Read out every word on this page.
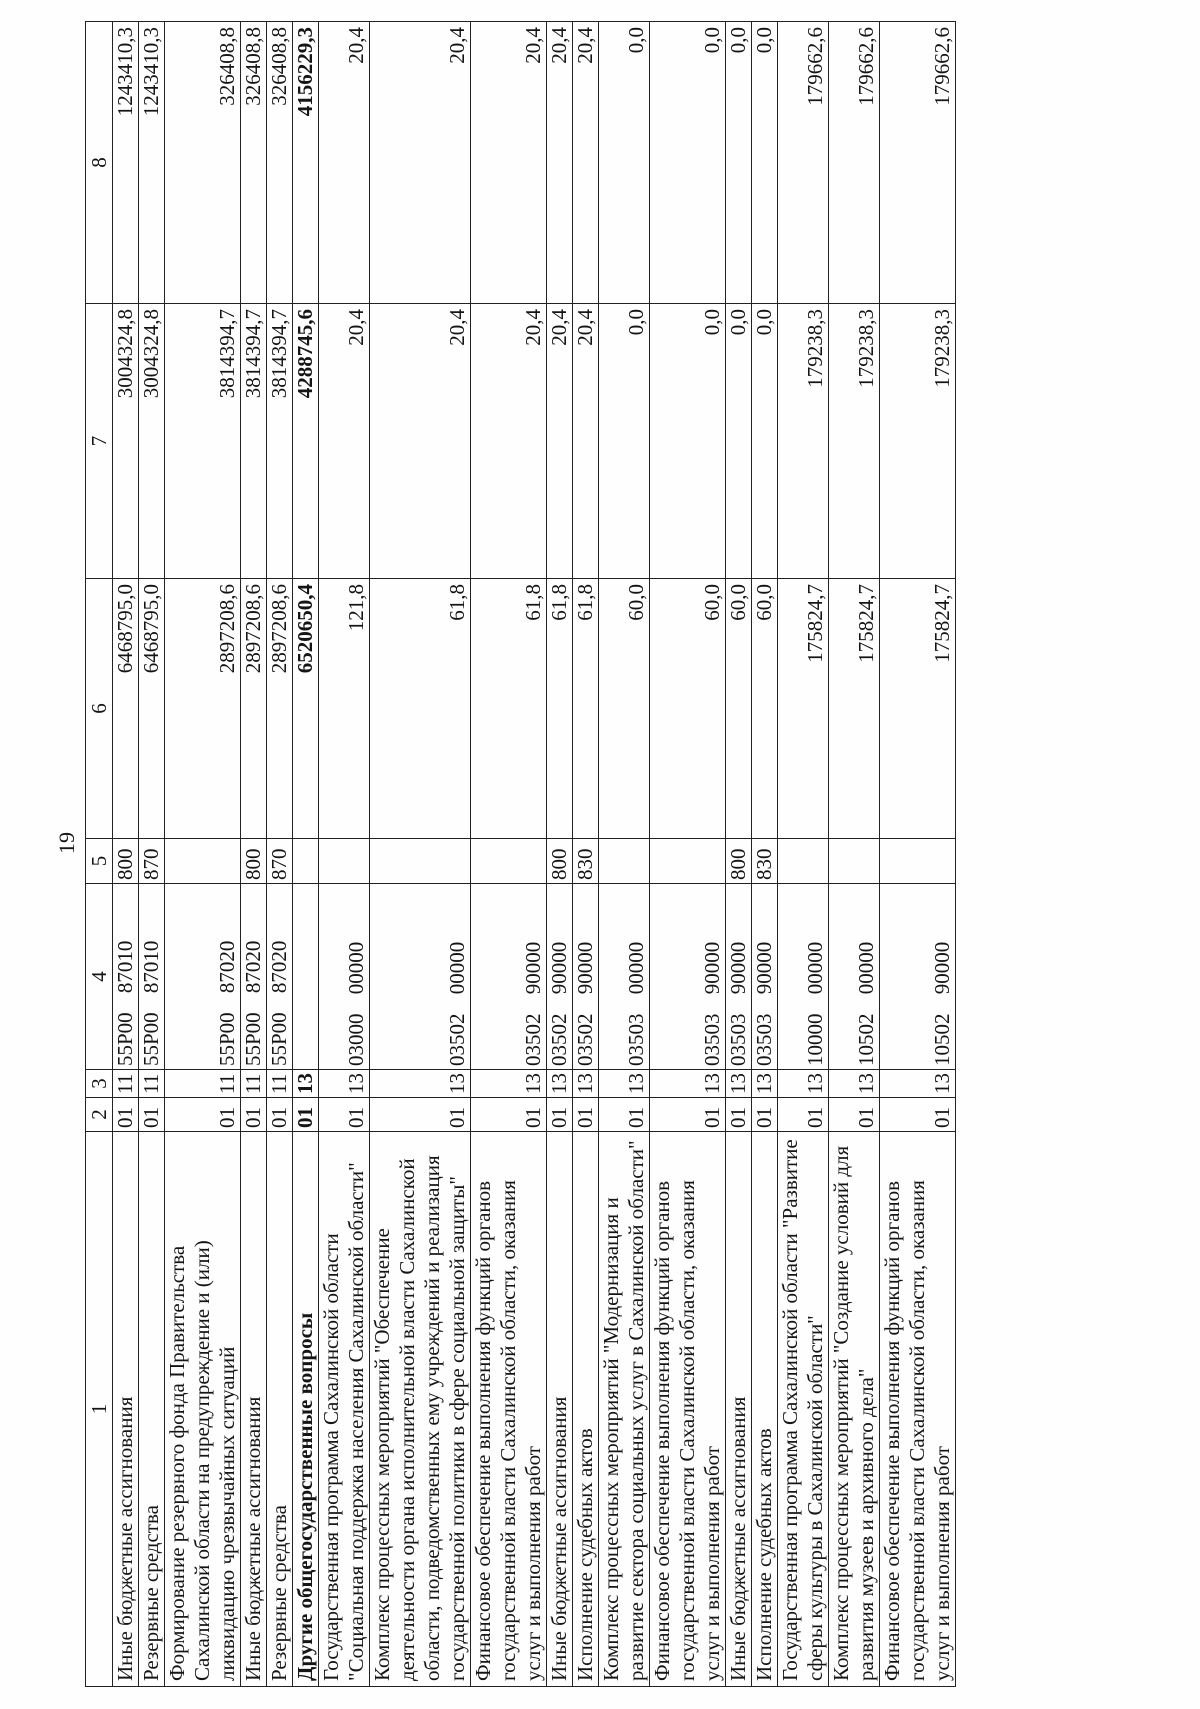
19
1	2	3	4	5	6	7	8
Иные бюджетные ассигнования	01	11	55Р00 87010	800	6468795,0	3004324,8	1243410,3
Резервные средства	01	11	55Р00 87010	870	6468795,0	3004324,8	1243410,3
Формирование резервного фонда Правительства Сахалинской области на предупреждение и (или) ликвидацию чрезвычайных ситуаций	01	11	55Р00 87020		2897208,6	3814394,7	326408,8
Иные бюджетные ассигнования	01	11	55Р00 87020	800	2897208,6	3814394,7	326408,8
Резервные средства	01	11	55Р00 87020	870	2897208,6	3814394,7	326408,8
Другие общегосударственные вопросы	01	13			6520650,4	4288745,6	4156229,3
Государственная программа Сахалинской области "Социальная поддержка населения Сахалинской области"	01	13	03000 00000		121,8	20,4	20,4
Комплекс процессных мероприятий "Обеспечение деятельности органа исполнительной власти Сахалинской области, подведомственных ему учреждений и реализация государственной политики в сфере социальной защиты"	01	13	03502 00000		61,8	20,4	20,4
Финансовое обеспечение выполнения функций органов государственной власти Сахалинской области, оказания услуг и выполнения работ	01	13	03502 90000		61,8	20,4	20,4
Иные бюджетные ассигнования	01	13	03502 90000	800	61,8	20,4	20,4
Исполнение судебных актов	01	13	03502 90000	830	61,8	20,4	20,4
Комплекс процессных мероприятий "Модернизация и развитие сектора социальных услуг в Сахалинской области"	01	13	03503 00000		60,0	0,0	0,0
Финансовое обеспечение выполнения функций органов государственной власти Сахалинской области, оказания услуг и выполнения работ	01	13	03503 90000		60,0	0,0	0,0
Иные бюджетные ассигнования	01	13	03503 90000	800	60,0	0,0	0,0
Исполнение судебных актов	01	13	03503 90000	830	60,0	0,0	0,0
Государственная программа Сахалинской области "Развитие сферы культуры в Сахалинской области"	01	13	10000 00000		175824,7	179238,3	179662,6
Комплекс процессных мероприятий "Создание условий для развития музеев и архивного дела"	01	13	10502 00000		175824,7	179238,3	179662,6
Финансовое обеспечение выполнения функций органов государственной власти Сахалинской области, оказания услуг и выполнения работ	01	13	10502 90000		175824,7	179238,3	179662,6
